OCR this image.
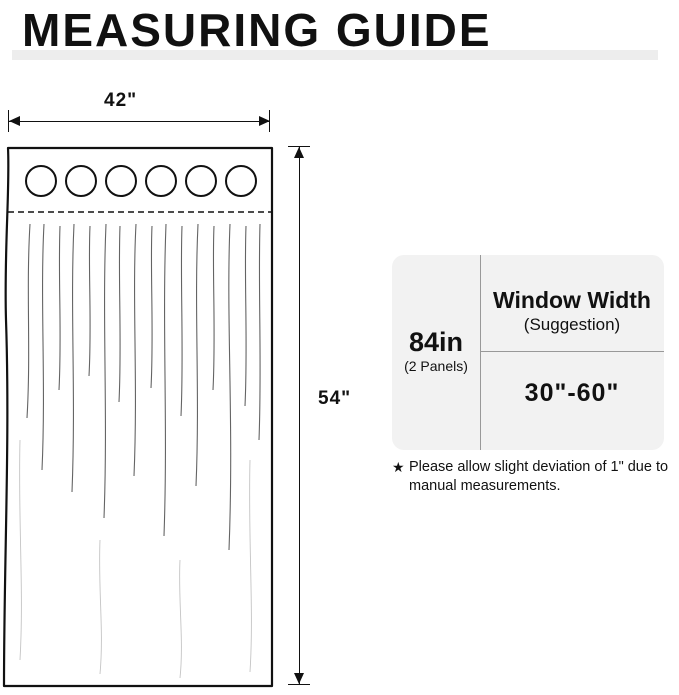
MEASURING GUIDE
42"
54"
84in
(2 Panels)
Window Width
(Suggestion)
30"-60"
★ Please allow slight deviation of 1" due to manual measurements.
